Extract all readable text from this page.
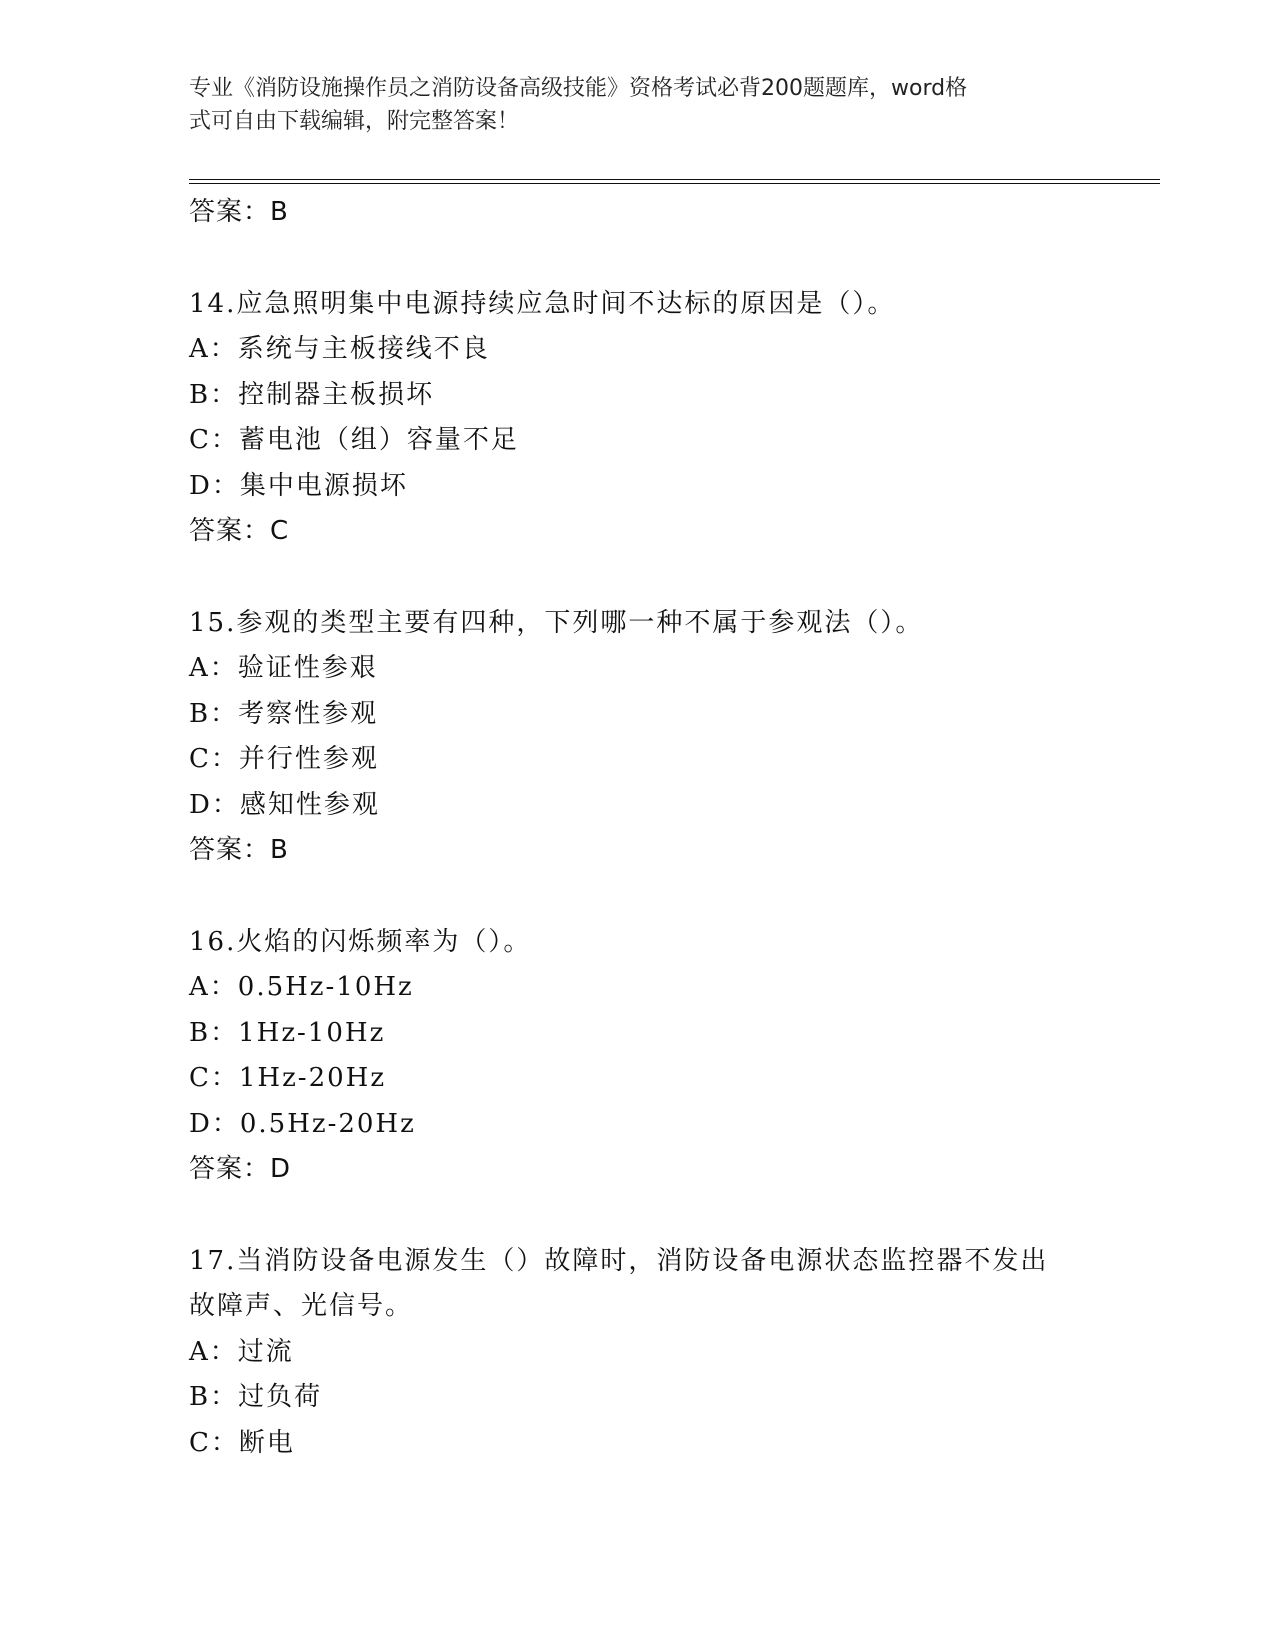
专业《消防设施操作员之消防设备高级技能》资格考试必背200题题库，word格
式可自由下载编辑，附完整答案！
答案：B
14.应急照明集中电源持续应急时间不达标的原因是（）。
A：系统与主板接线不良
B：控制器主板损坏
C：蓄电池（组）容量不足
D：集中电源损坏
答案：C
15.参观的类型主要有四种，下列哪一种不属于参观法（）。
A：验证性参艰
B：考察性参观
C：并行性参观
D：感知性参观
答案：B
16.火焰的闪烁频率为（）。
A：0.5Hz-10Hz
B：1Hz-10Hz
C：1Hz-20Hz
D：0.5Hz-20Hz
答案：D
17.当消防设备电源发生（）故障时，消防设备电源状态监控器不发出
故障声、光信号。
A：过流
B：过负荷
C：断电
